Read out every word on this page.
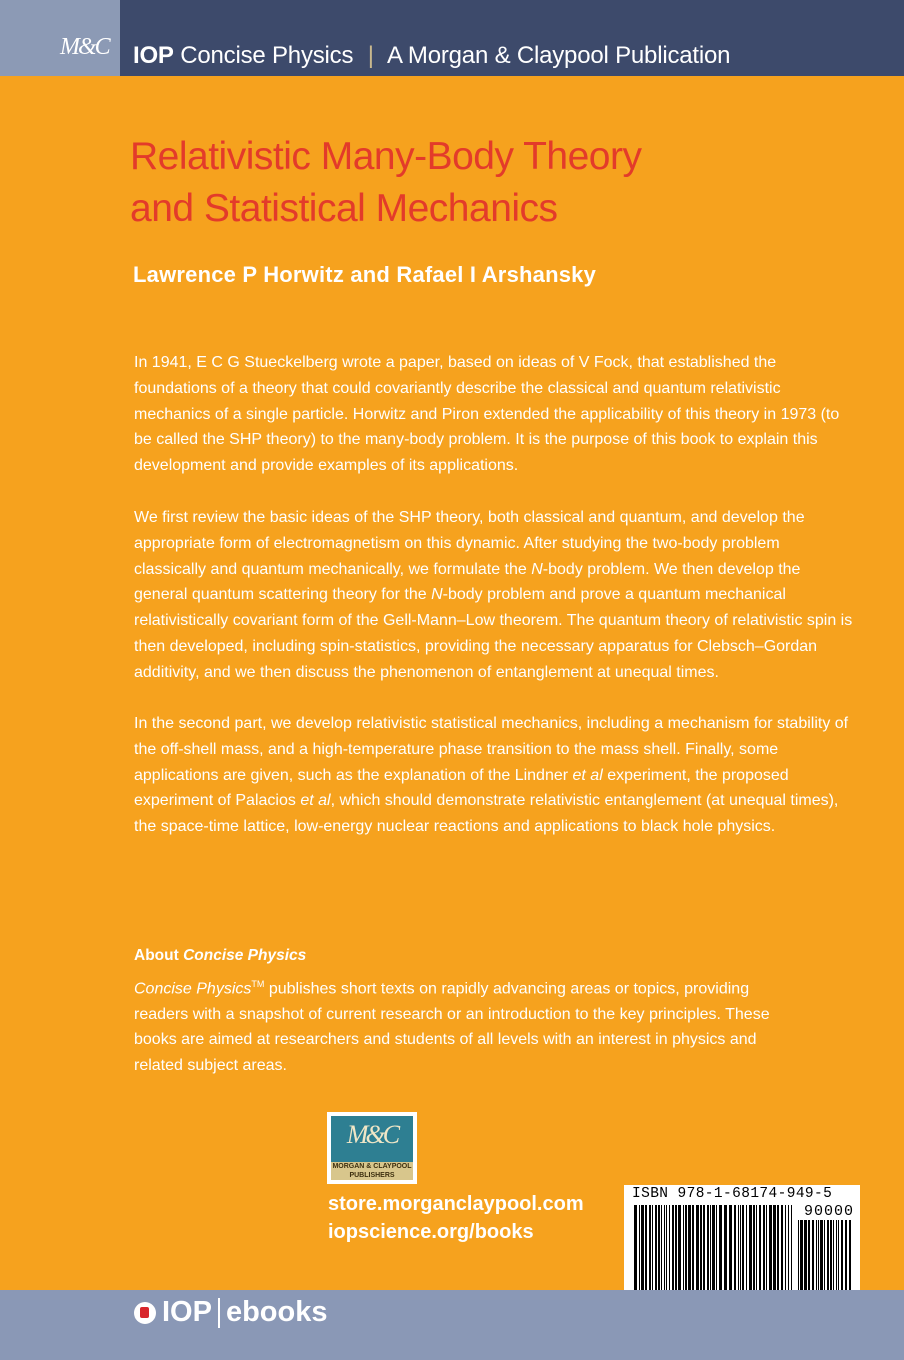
M&C IOP Concise Physics | A Morgan & Claypool Publication
Relativistic Many-Body Theory
and Statistical Mechanics
Lawrence P Horwitz and Rafael I Arshansky

In 1941, E C G Stueckelberg wrote a paper, based on ideas of V Fock, that established the foundations of a theory that could covariantly describe the classical and quantum relativistic mechanics of a single particle. Horwitz and Piron extended the applicability of this theory in 1973 (to be called the SHP theory) to the many-body problem. It is the purpose of this book to explain this development and provide examples of its applications.

We first review the basic ideas of the SHP theory, both classical and quantum, and develop the appropriate form of electromagnetism on this dynamic. After studying the two-body problem classically and quantum mechanically, we formulate the N-body problem. We then develop the general quantum scattering theory for the N-body problem and prove a quantum mechanical relativistically covariant form of the Gell-Mann–Low theorem. The quantum theory of relativistic spin is then developed, including spin-statistics, providing the necessary apparatus for Clebsch–Gordan additivity, and we then discuss the phenomenon of entanglement at unequal times.

In the second part, we develop relativistic statistical mechanics, including a mechanism for stability of the off-shell mass, and a high-temperature phase transition to the mass shell. Finally, some applications are given, such as the explanation of the Lindner et al experiment, the proposed experiment of Palacios et al, which should demonstrate relativistic entanglement (at unequal times), the space-time lattice, low-energy nuclear reactions and applications to black hole physics.

About Concise Physics

Concise Physics™ publishes short texts on rapidly advancing areas or topics, providing readers with a snapshot of current research or an introduction to the key principles. These books are aimed at researchers and students of all levels with an interest in physics and related subject areas.

M&C
MORGAN & CLAYPOOL PUBLISHERS
store.morganclaypool.com
iopscience.org/books
ISBN 978-1-68174-949-5
90000
IOP ebooks
